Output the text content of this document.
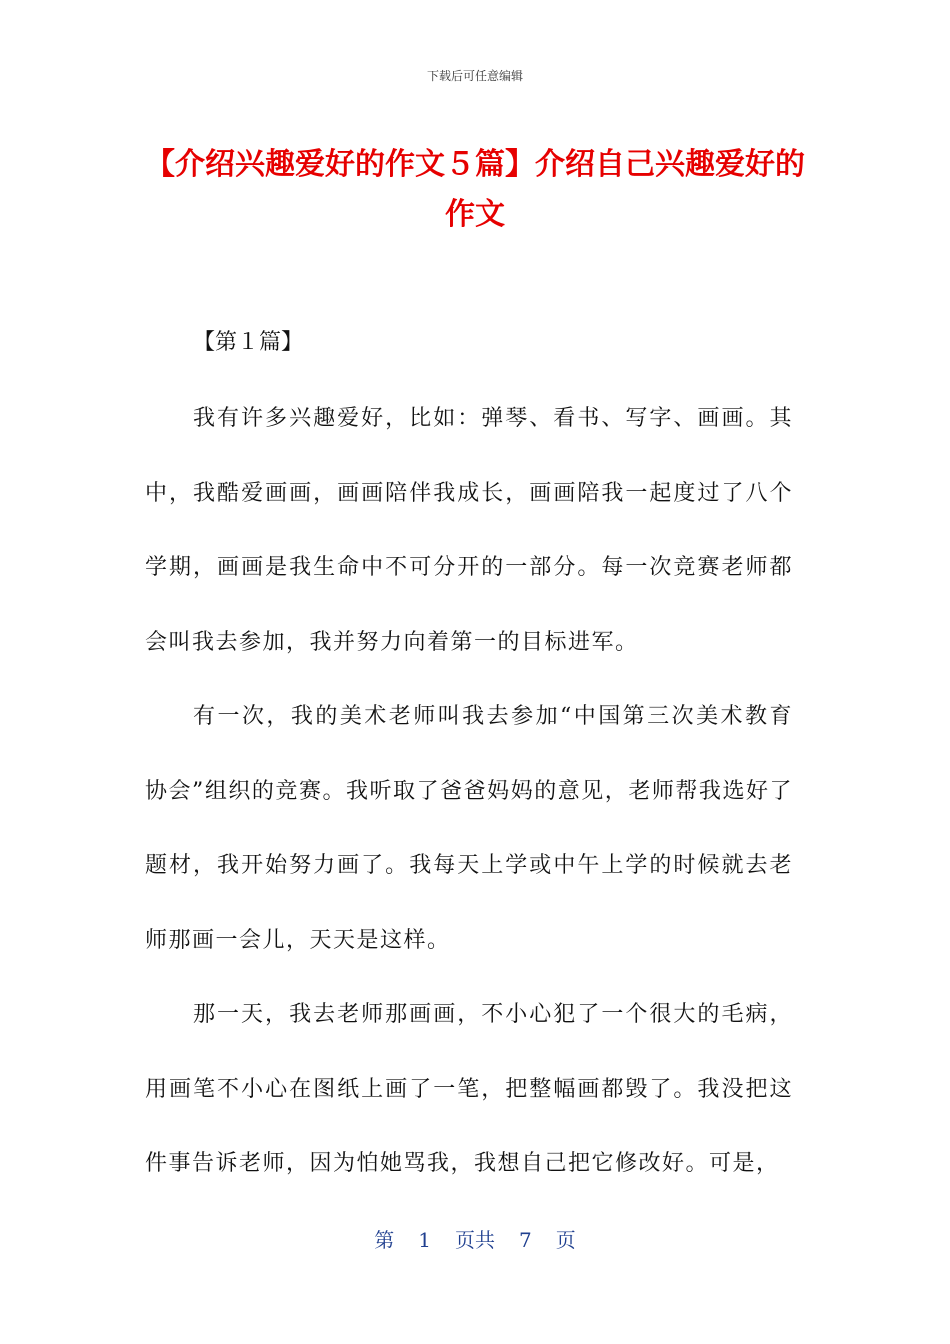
下载后可任意编辑
【介绍兴趣爱好的作文５篇】介绍自己兴趣爱好的作文
【第１篇】

我有许多兴趣爱好，比如：弹琴、看书、写字、画画。其中，我酷爱画画，画画陪伴我成长，画画陪我一起度过了八个学期，画画是我生命中不可分开的一部分。每一次竞赛老师都会叫我去参加，我并努力向着第一的目标进军。

有一次，我的美术老师叫我去参加“中国第三次美术教育协会”组织的竞赛。我听取了爸爸妈妈的意见，老师帮我选好了题材，我开始努力画了。我每天上学或中午上学的时候就去老师那画一会儿，天天是这样。

那一天，我去老师那画画，不小心犯了一个很大的毛病，用画笔不小心在图纸上画了一笔，把整幅画都毁了。我没把这件事告诉老师，因为怕她骂我，我想自己把它修改好。可是，

第 1 页共 7 页
